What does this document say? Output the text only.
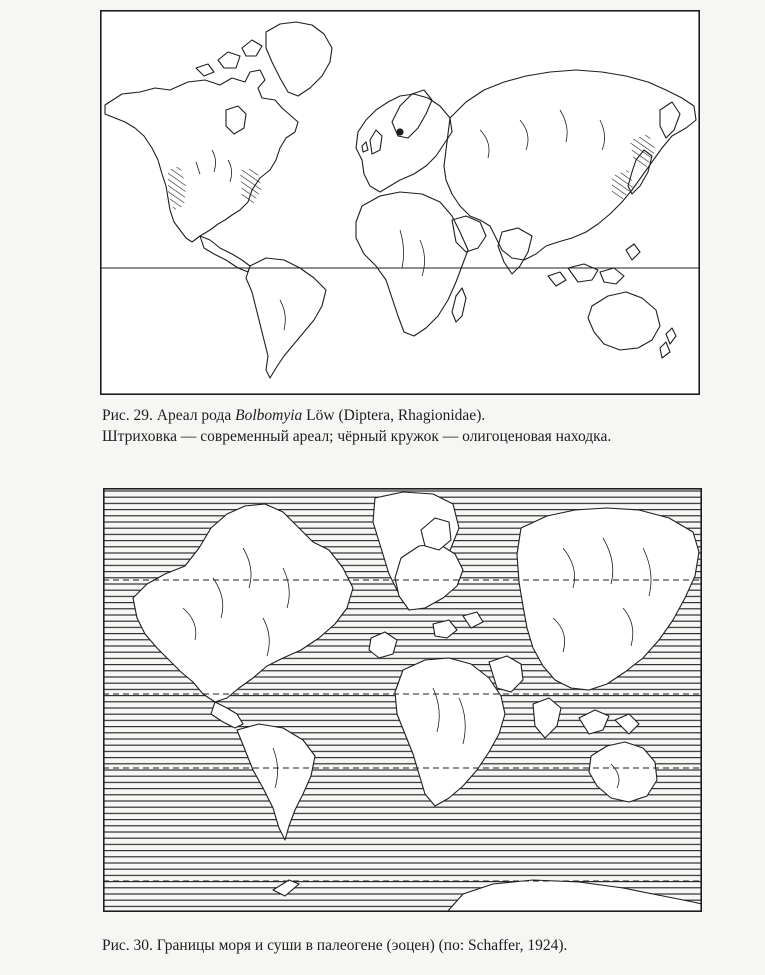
Рис. 29. Ареал рода Bolbomyia Löw (Diptera, Rhagionidae).
Штриховка — современный ареал; чёрный кружок — олигоценовая находка.
Рис. 30. Границы моря и суши в палеогене (эоцен) (по: Schaffer, 1924).
